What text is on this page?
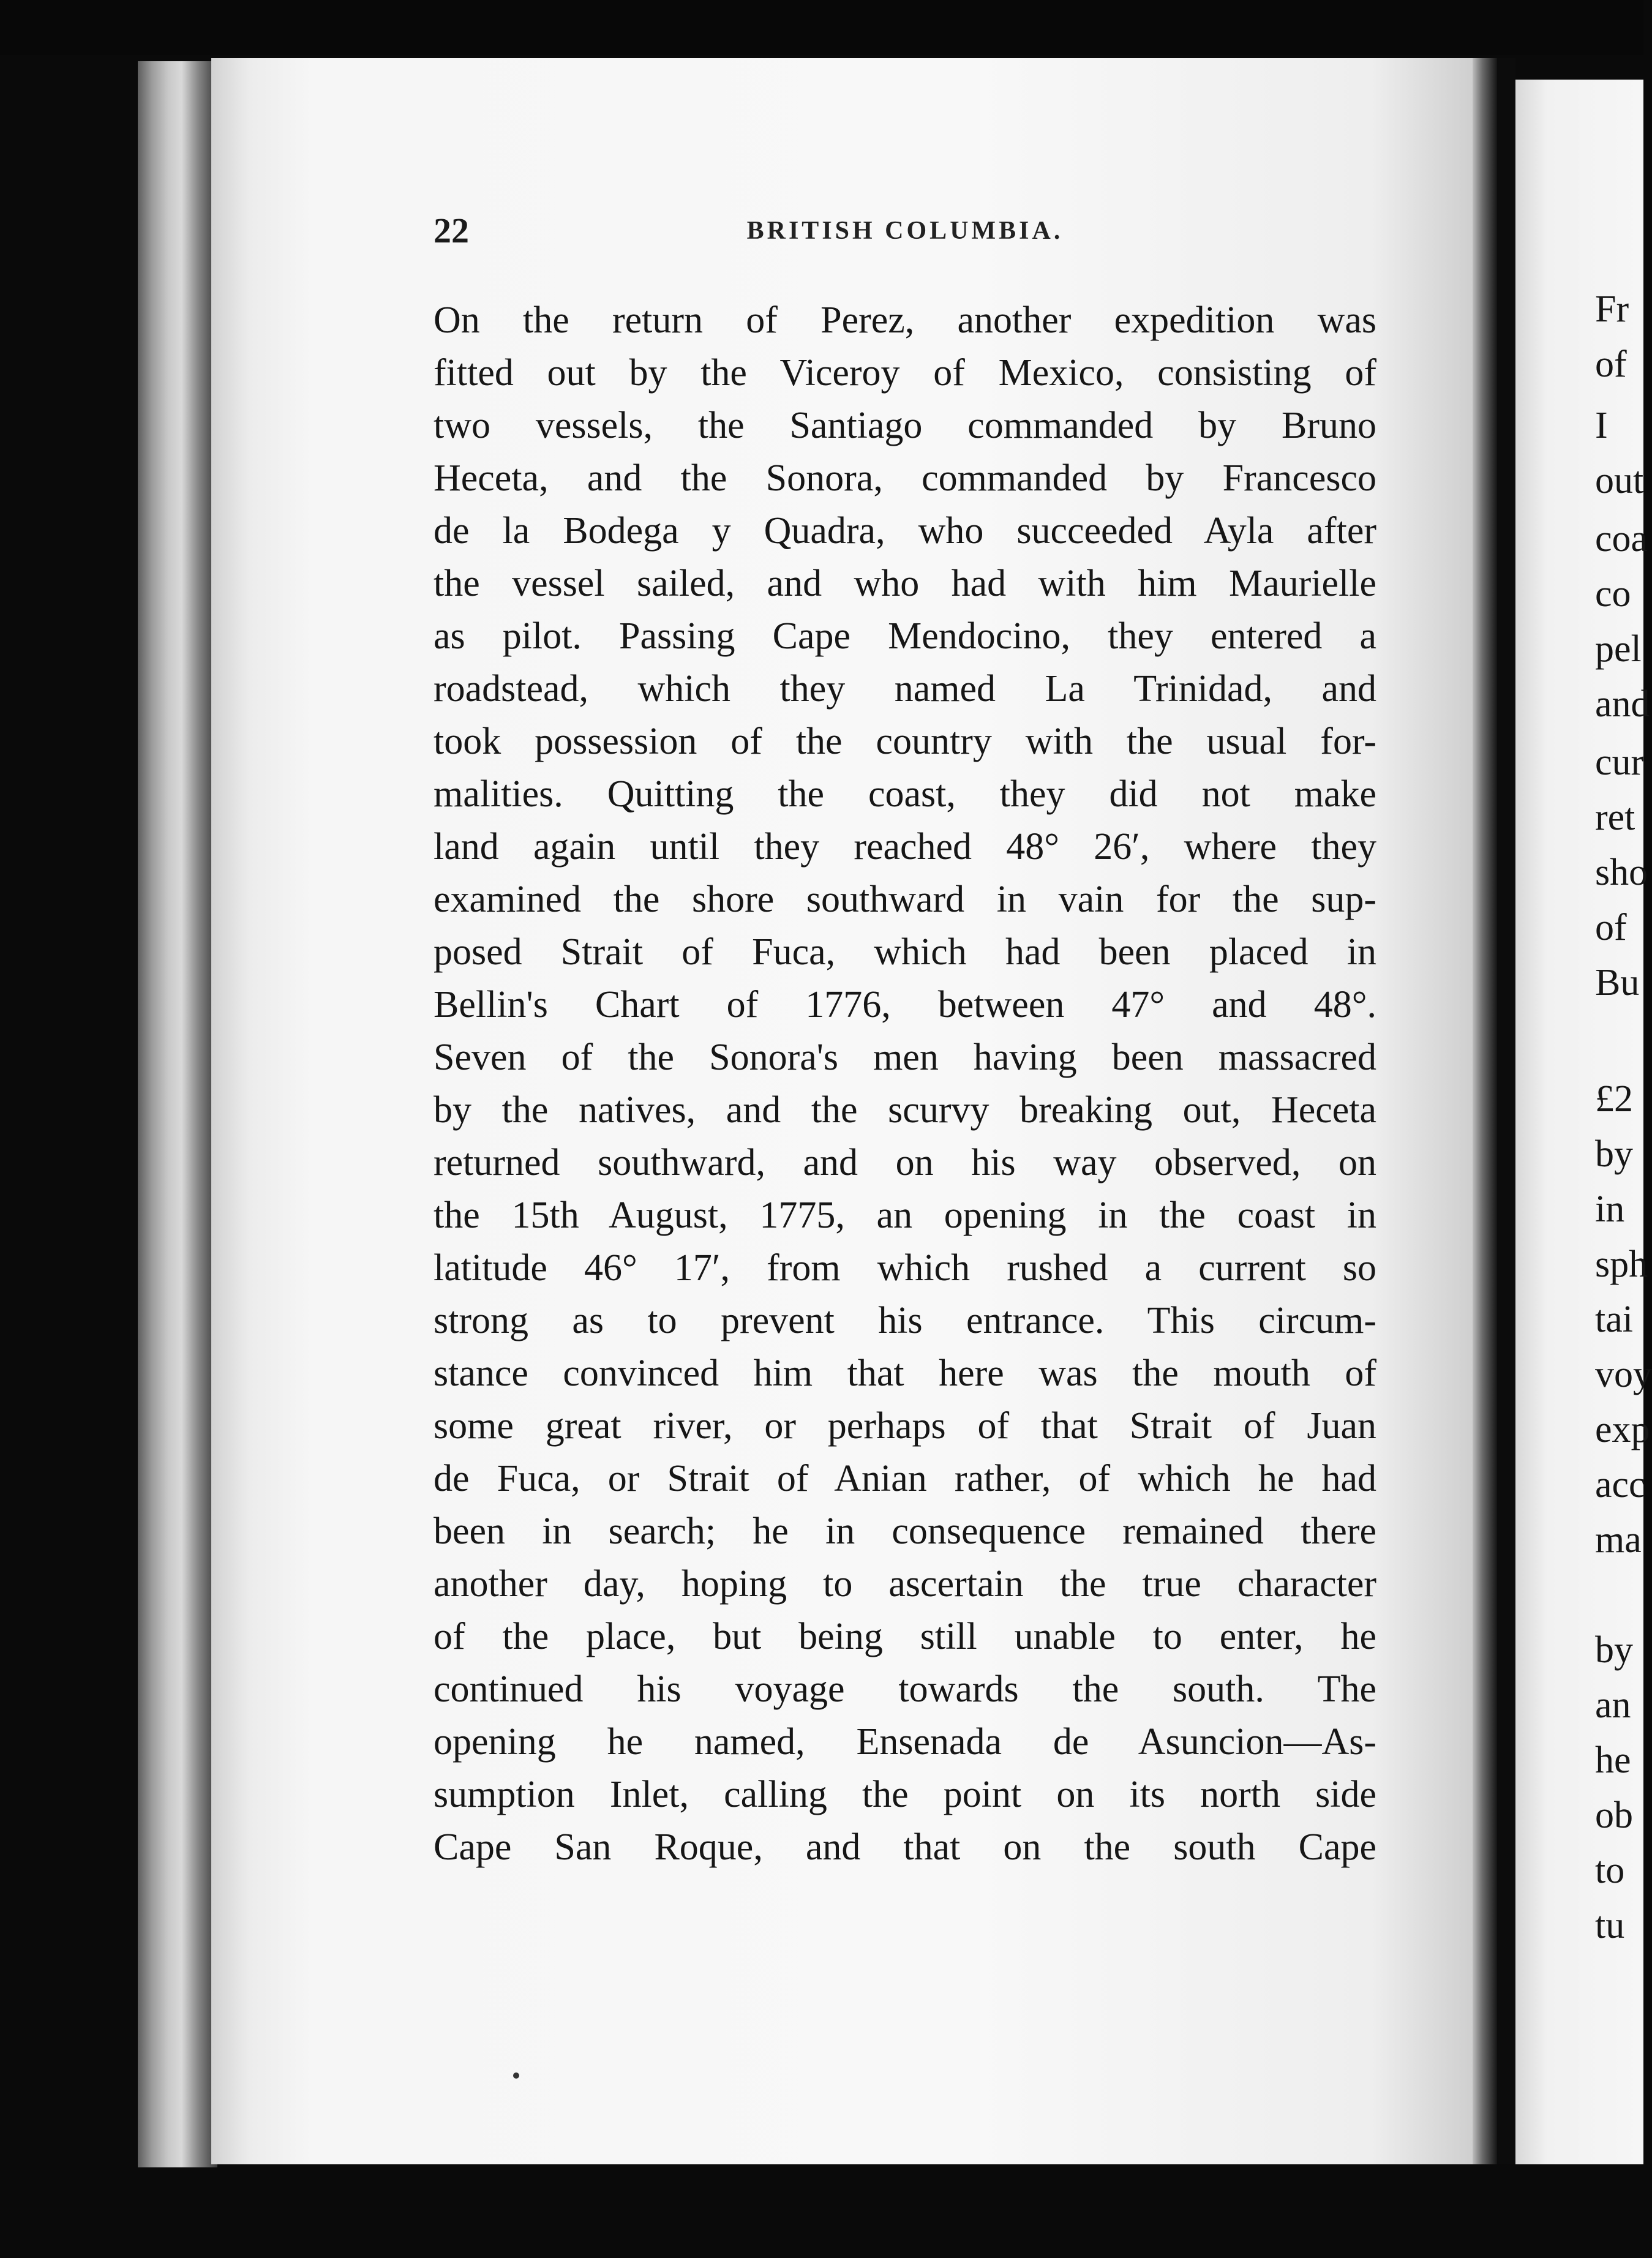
Fr
of
I
out
coa
co
pel
and
cur
ret
sho
of
Bu
£2
by
in
sph
tai
voy
exp
acc
ma
by
an
he
ob
to
tu
22	BRITISH COLUMBIA.
On the return of Perez, another expedition was
fitted out by the Viceroy of Mexico, consisting of
two vessels, the Santiago commanded by Bruno
Heceta, and the Sonora, commanded by Francesco
de la Bodega y Quadra, who succeeded Ayla after
the vessel sailed, and who had with him Maurielle
as pilot. Passing Cape Mendocino, they entered a
roadstead, which they named La Trinidad, and
took possession of the country with the usual for-
malities. Quitting the coast, they did not make
land again until they reached 48° 26′, where they
examined the shore southward in vain for the sup-
posed Strait of Fuca, which had been placed in
Bellin's Chart of 1776, between 47° and 48°.
Seven of the Sonora's men having been massacred
by the natives, and the scurvy breaking out, Heceta
returned southward, and on his way observed, on
the 15th August, 1775, an opening in the coast in
latitude 46° 17′, from which rushed a current so
strong as to prevent his entrance. This circum-
stance convinced him that here was the mouth of
some great river, or perhaps of that Strait of Juan
de Fuca, or Strait of Anian rather, of which he had
been in search; he in consequence remained there
another day, hoping to ascertain the true character
of the place, but being still unable to enter, he
continued his voyage towards the south. The
opening he named, Ensenada de Asuncion—As-
sumption Inlet, calling the point on its north side
Cape San Roque, and that on the south Cape
